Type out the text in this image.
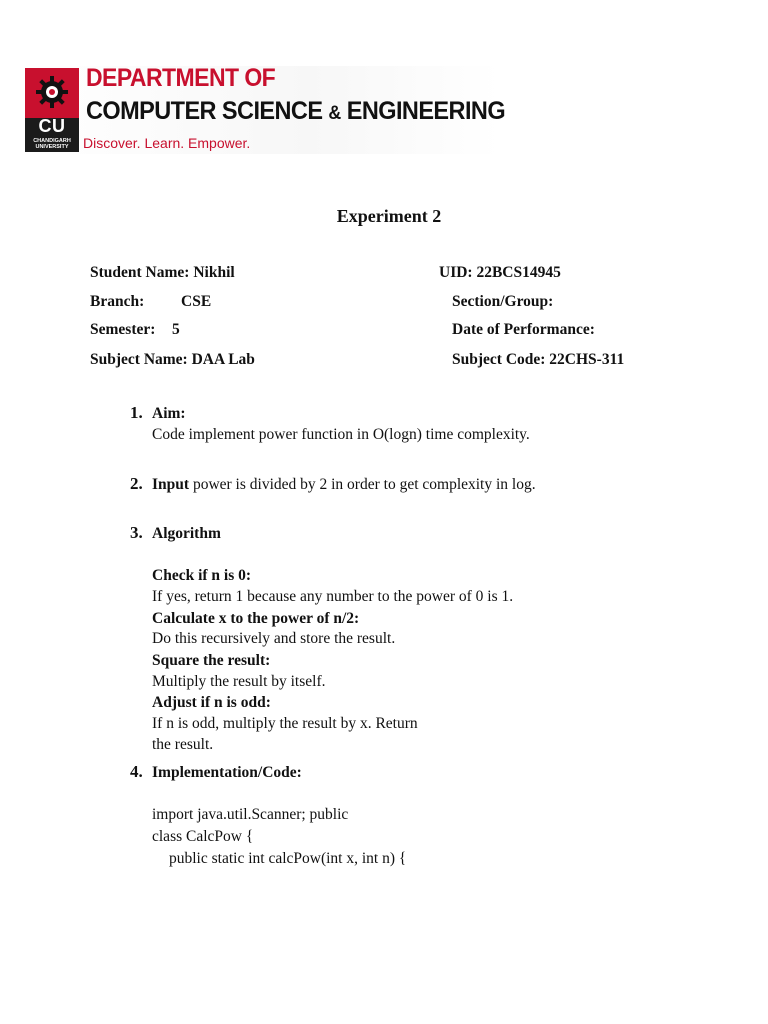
CU
CHANDIGARH
UNIVERSITY
DEPARTMENT OF
COMPUTER SCIENCE & ENGINEERING
Discover. Learn. Empower.
Experiment 2
Student Name: Nikhil	UID: 22BCS14945
Branch: CSE	Section/Group:
Semester: 5	Date of Performance:
Subject Name: DAA Lab	Subject Code: 22CHS-311
1. Aim:
Code implement power function in O(logn) time complexity.
2. Input power is divided by 2 in order to get complexity in log.
3. Algorithm
Check if n is 0:
If yes, return 1 because any number to the power of 0 is 1.
Calculate x to the power of n/2:
Do this recursively and store the result.
Square the result:
Multiply the result by itself.
Adjust if n is odd:
If n is odd, multiply the result by x. Return
the result.
4. Implementation/Code:
import java.util.Scanner; public
class CalcPow {
public static int calcPow(int x, int n) {
